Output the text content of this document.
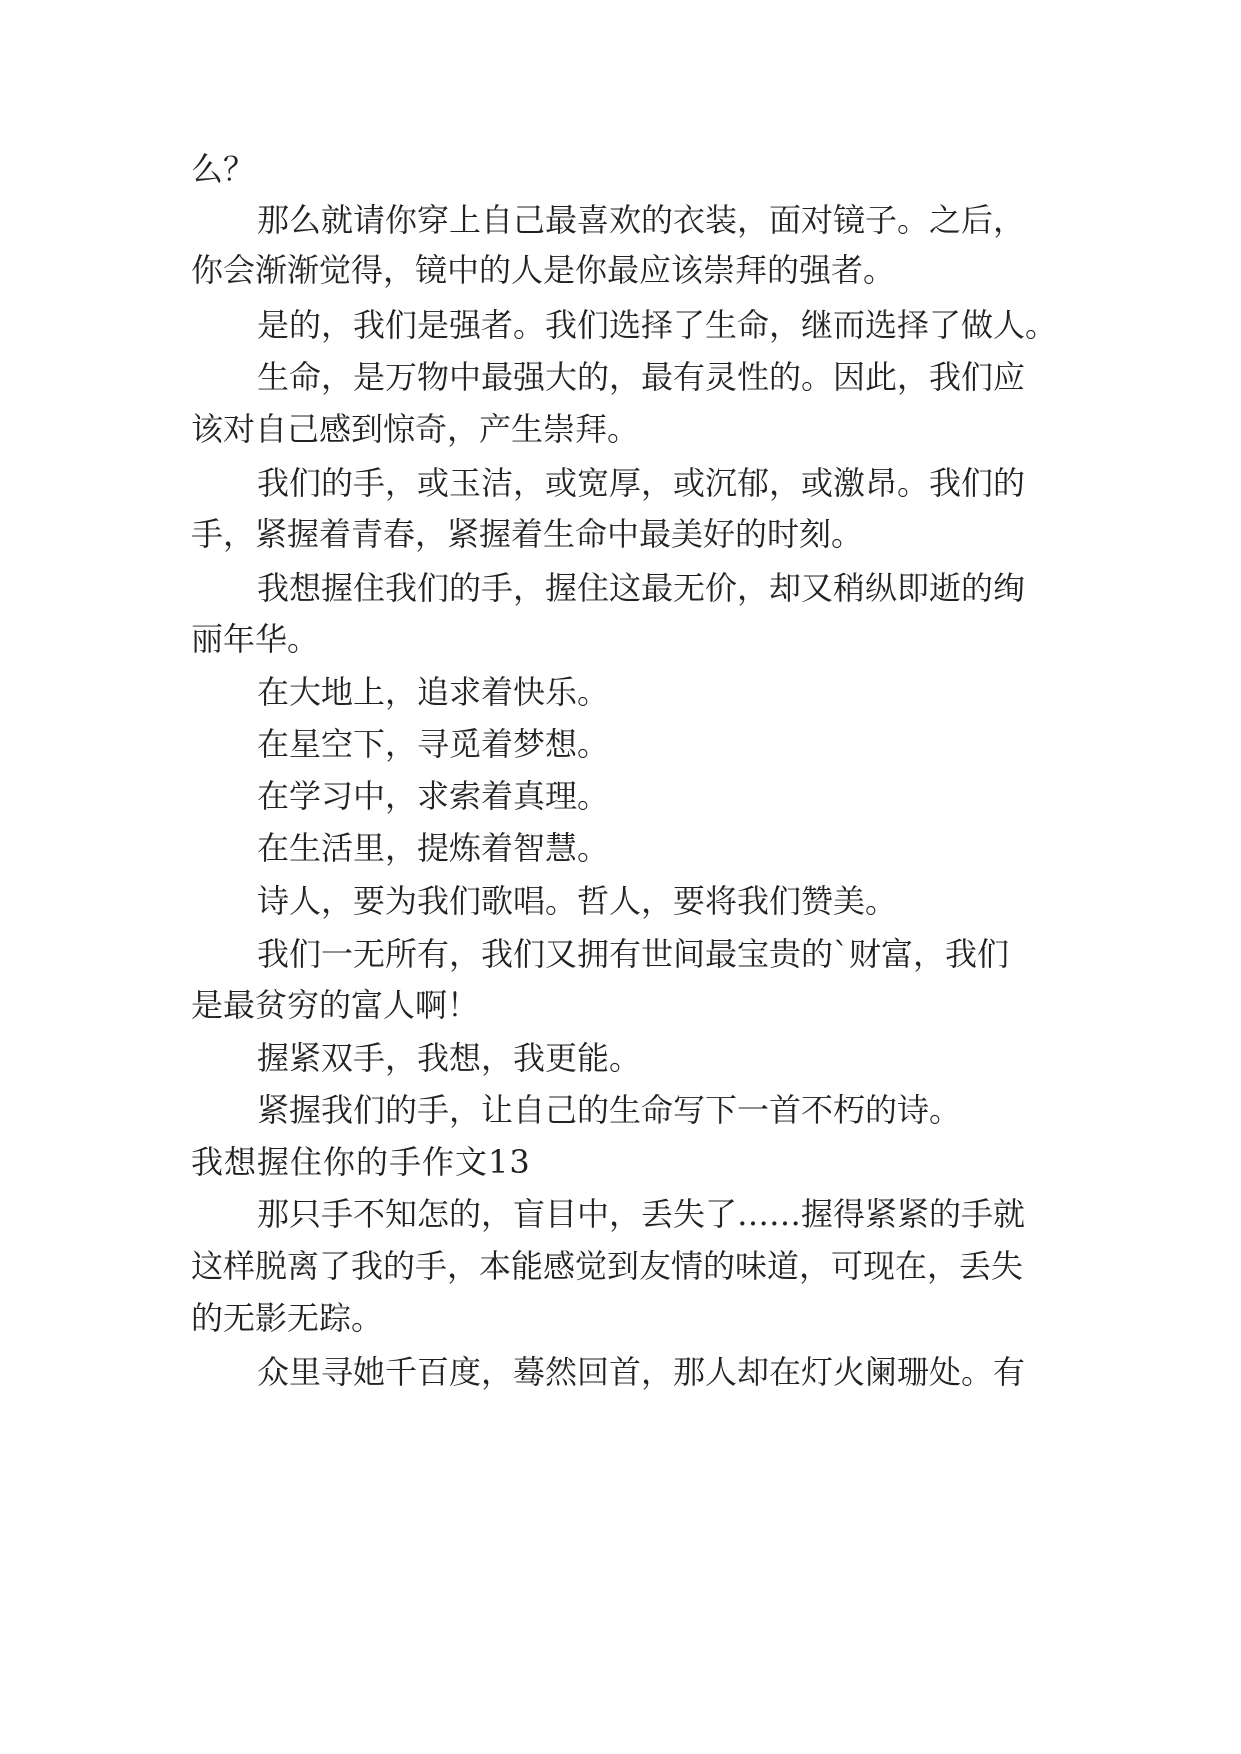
么？
那么就请你穿上自己最喜欢的衣装，面对镜子。之后，
你会渐渐觉得，镜中的人是你最应该崇拜的强者。
是的，我们是强者。我们选择了生命，继而选择了做人。
生命，是万物中最强大的，最有灵性的。因此，我们应
该对自己感到惊奇，产生崇拜。
我们的手，或玉洁，或宽厚，或沉郁，或激昂。我们的
手，紧握着青春，紧握着生命中最美好的时刻。
我想握住我们的手，握住这最无价，却又稍纵即逝的绚
丽年华。
在大地上，追求着快乐。
在星空下，寻觅着梦想。
在学习中，求索着真理。
在生活里，提炼着智慧。
诗人，要为我们歌唱。哲人，要将我们赞美。
我们一无所有，我们又拥有世间最宝贵的`财富，我们
是最贫穷的富人啊！
握紧双手，我想，我更能。
紧握我们的手，让自己的生命写下一首不朽的诗。
我想握住你的手作文13
那只手不知怎的，盲目中，丢失了……握得紧紧的手就
这样脱离了我的手，本能感觉到友情的味道，可现在，丢失
的无影无踪。
众里寻她千百度，蓦然回首，那人却在灯火阑珊处。有
